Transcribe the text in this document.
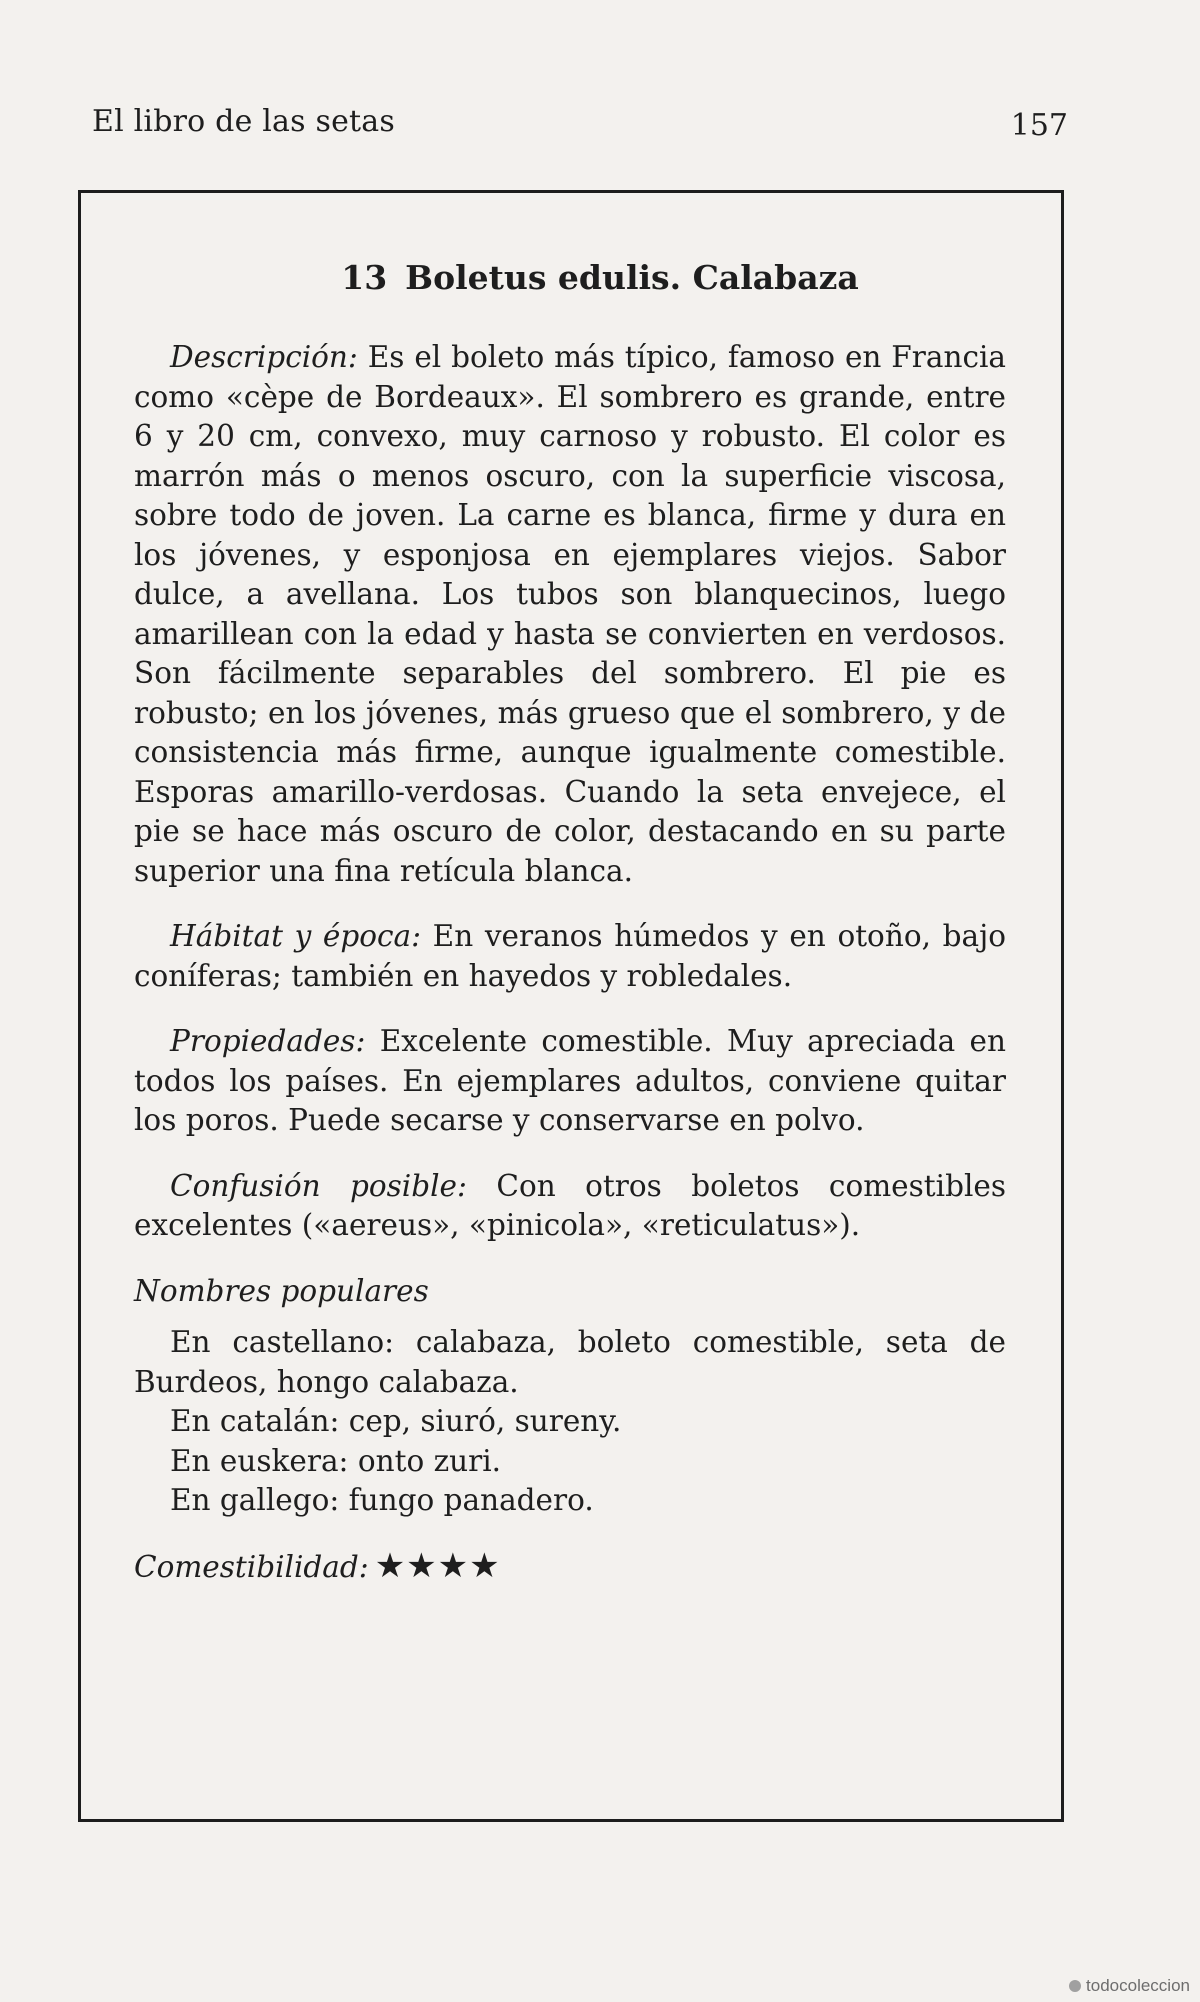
El libro de las setas	157
13 Boletus edulis. Calabaza

Descripción: Es el boleto más típico, famoso en Francia como «cèpe de Bordeaux». El sombrero es grande, entre 6 y 20 cm, convexo, muy carnoso y robusto. El color es marrón más o menos oscuro, con la superficie viscosa, sobre todo de joven. La carne es blanca, firme y dura en los jóvenes, y esponjosa en ejemplares viejos. Sabor dulce, a avellana. Los tubos son blanquecinos, luego amarillean con la edad y hasta se convierten en verdosos. Son fácilmente separables del sombrero. El pie es robusto; en los jóvenes, más grueso que el sombrero, y de consistencia más firme, aunque igualmente comestible. Esporas amarillo-verdosas. Cuando la seta envejece, el pie se hace más oscuro de color, destacando en su parte superior una fina retícula blanca.

Hábitat y época: En veranos húmedos y en otoño, bajo coníferas; también en hayedos y robledales.

Propiedades: Excelente comestible. Muy apreciada en todos los países. En ejemplares adultos, conviene quitar los poros. Puede secarse y conservarse en polvo.

Confusión posible: Con otros boletos comestibles excelentes («aereus», «pinicola», «reticulatus»).

Nombres populares
En castellano: calabaza, boleto comestible, seta de Burdeos, hongo calabaza.
En catalán: cep, siuró, sureny.
En euskera: onto zuri.
En gallego: fungo panadero.
Comestibilidad: ★★★★
todocoleccion
